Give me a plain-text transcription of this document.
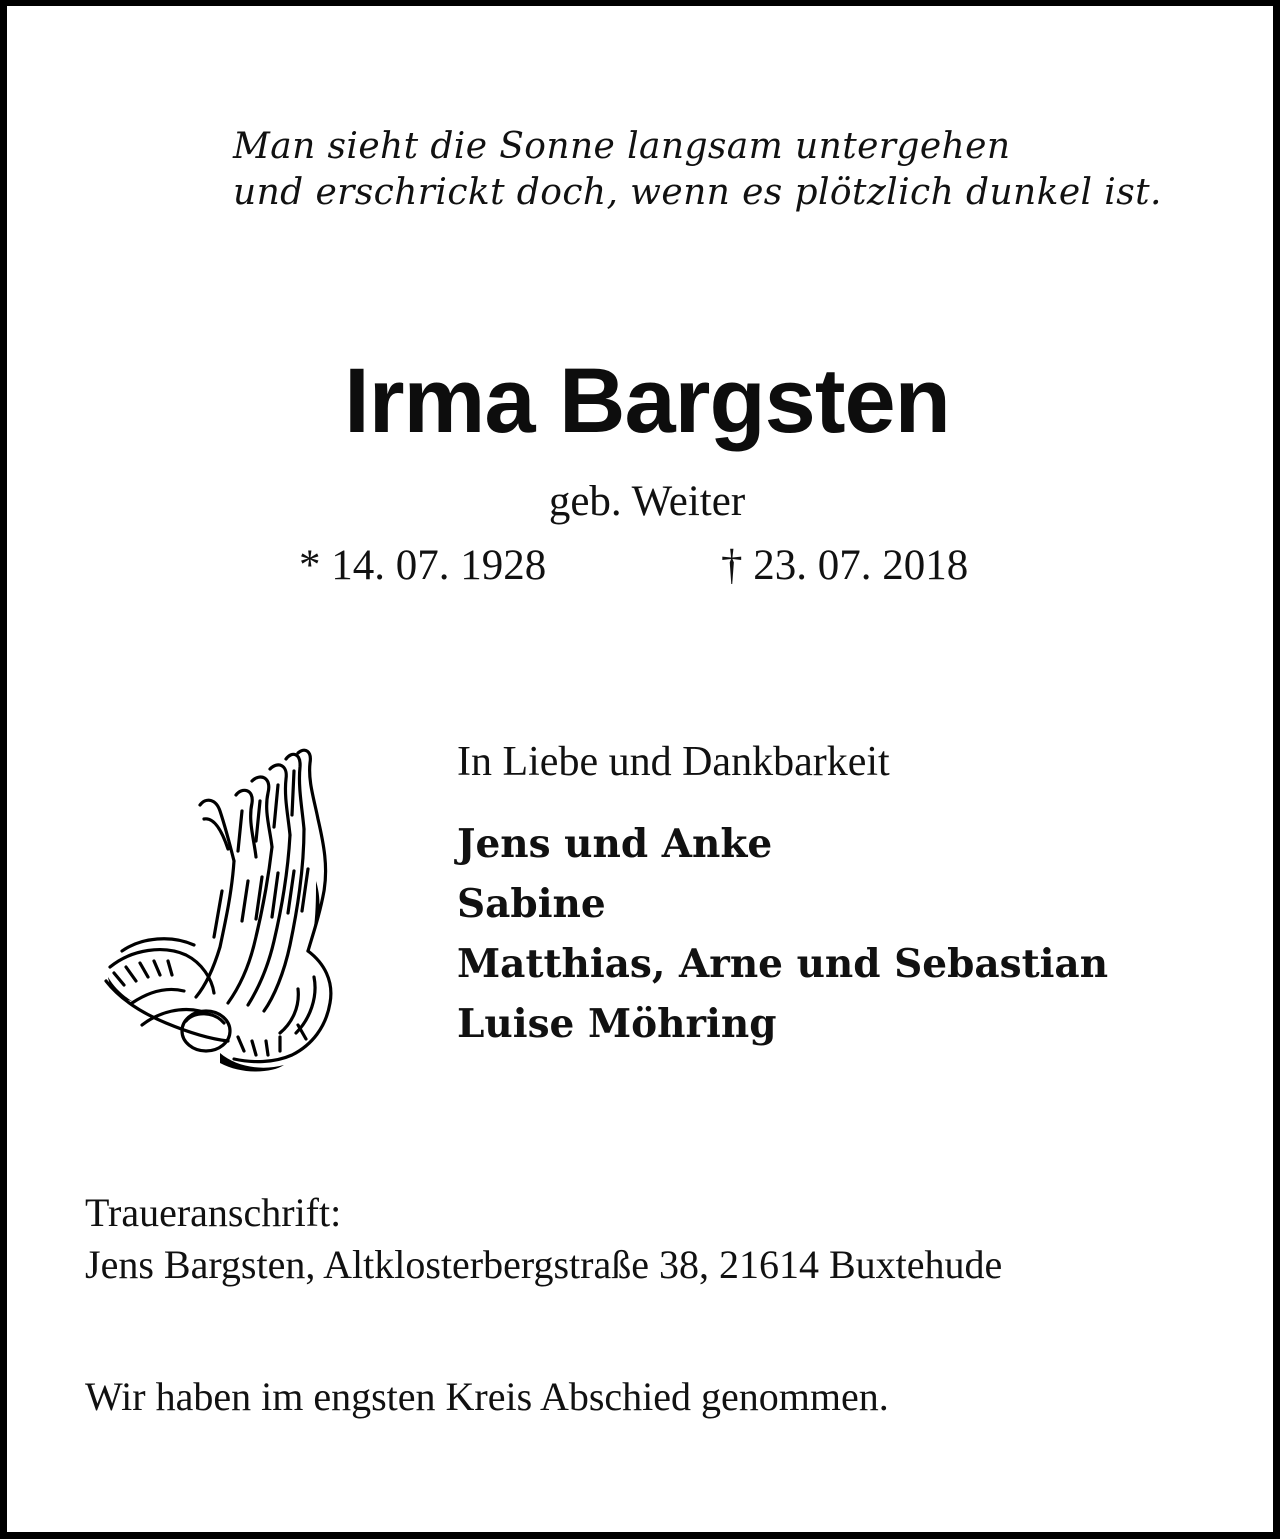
Man sieht die Sonne langsam untergehen
und erschrickt doch, wenn es plötzlich dunkel ist.
Irma Bargsten
geb. Weiter
* 14. 07. 1928	† 23. 07. 2018
In Liebe und Dankbarkeit
Jens und Anke
Sabine
Matthias, Arne und Sebastian
Luise Möhring
Traueranschrift:
Jens Bargsten, Altklosterbergstraße 38, 21614 Buxtehude
Wir haben im engsten Kreis Abschied genommen.
